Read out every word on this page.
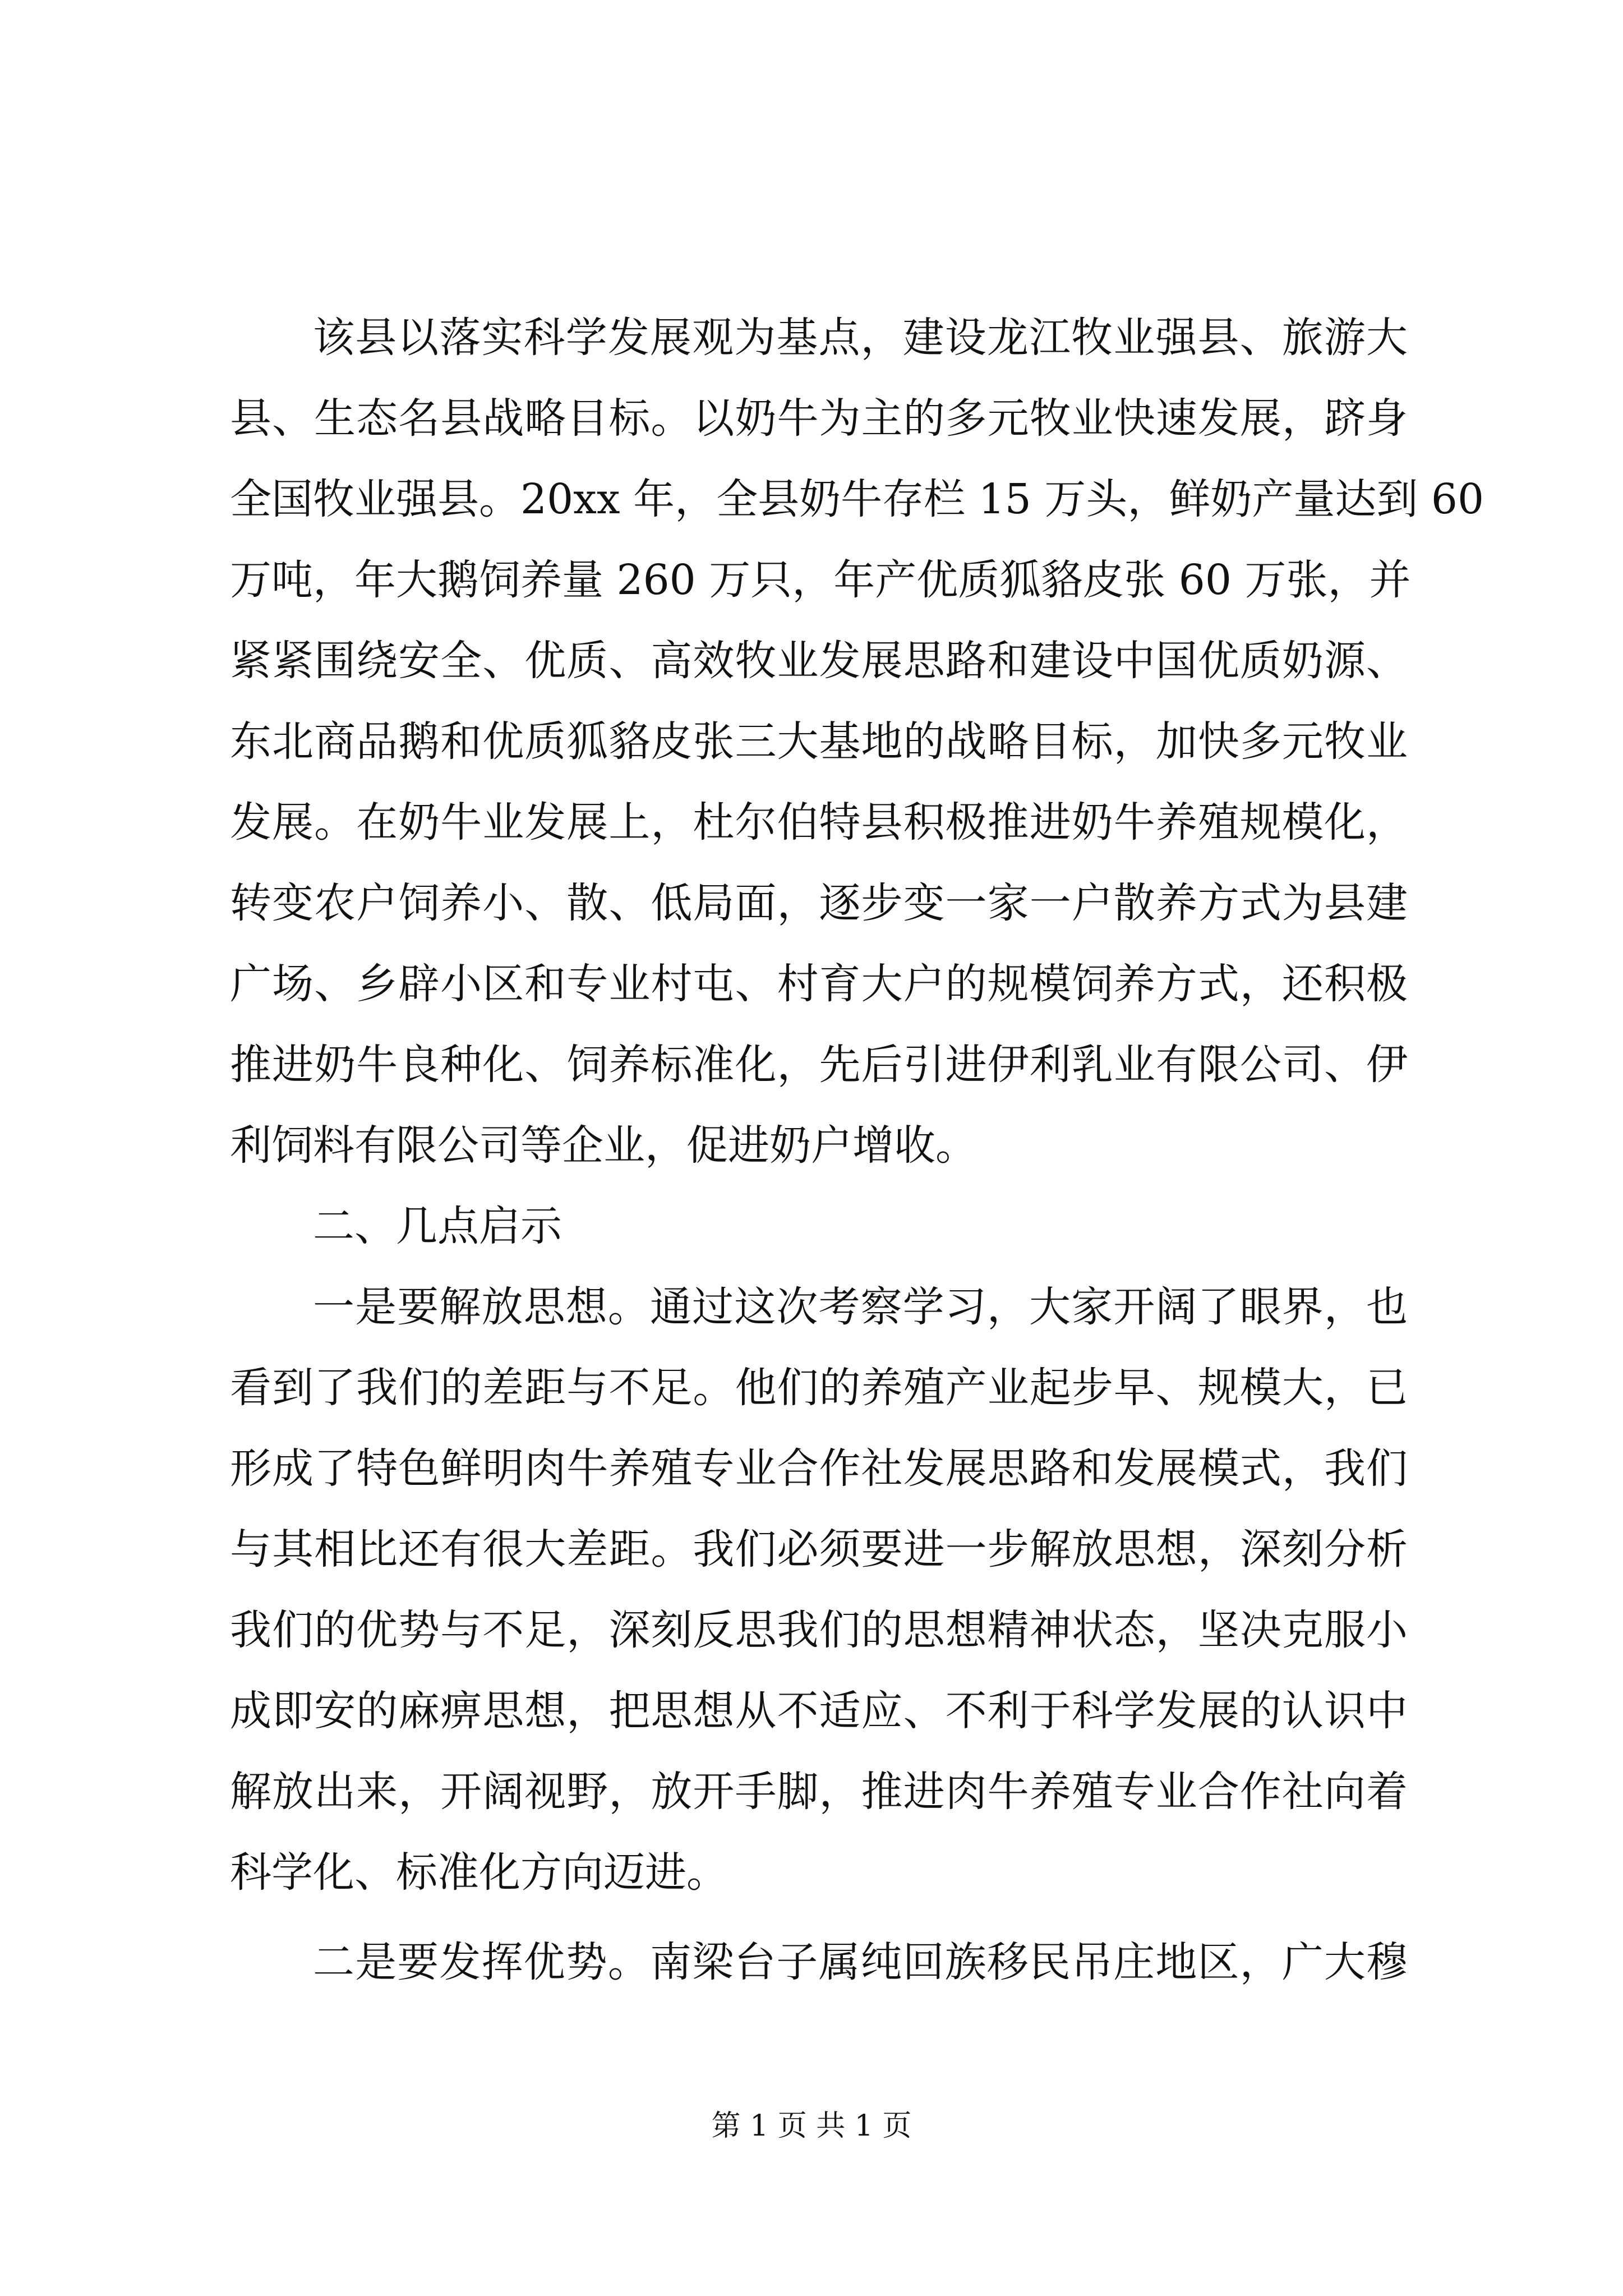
该县以落实科学发展观为基点，建设龙江牧业强县、旅游大
县、生态名县战略目标。以奶牛为主的多元牧业快速发展，跻身
全国牧业强县。20xx 年，全县奶牛存栏 15 万头，鲜奶产量达到 60
万吨，年大鹅饲养量 260 万只，年产优质狐貉皮张 60 万张，并
紧紧围绕安全、优质、高效牧业发展思路和建设中国优质奶源、
东北商品鹅和优质狐貉皮张三大基地的战略目标，加快多元牧业
发展。在奶牛业发展上，杜尔伯特县积极推进奶牛养殖规模化，
转变农户饲养小、散、低局面，逐步变一家一户散养方式为县建
广场、乡辟小区和专业村屯、村育大户的规模饲养方式，还积极
推进奶牛良种化、饲养标准化，先后引进伊利乳业有限公司、伊
利饲料有限公司等企业，促进奶户增收。
二、几点启示
一是要解放思想。通过这次考察学习，大家开阔了眼界，也
看到了我们的差距与不足。他们的养殖产业起步早、规模大，已
形成了特色鲜明肉牛养殖专业合作社发展思路和发展模式，我们
与其相比还有很大差距。我们必须要进一步解放思想，深刻分析
我们的优势与不足，深刻反思我们的思想精神状态，坚决克服小
成即安的麻痹思想，把思想从不适应、不利于科学发展的认识中
解放出来，开阔视野，放开手脚，推进肉牛养殖专业合作社向着
科学化、标准化方向迈进。
二是要发挥优势。南梁台子属纯回族移民吊庄地区，广大穆
第 1 页 共 1 页
